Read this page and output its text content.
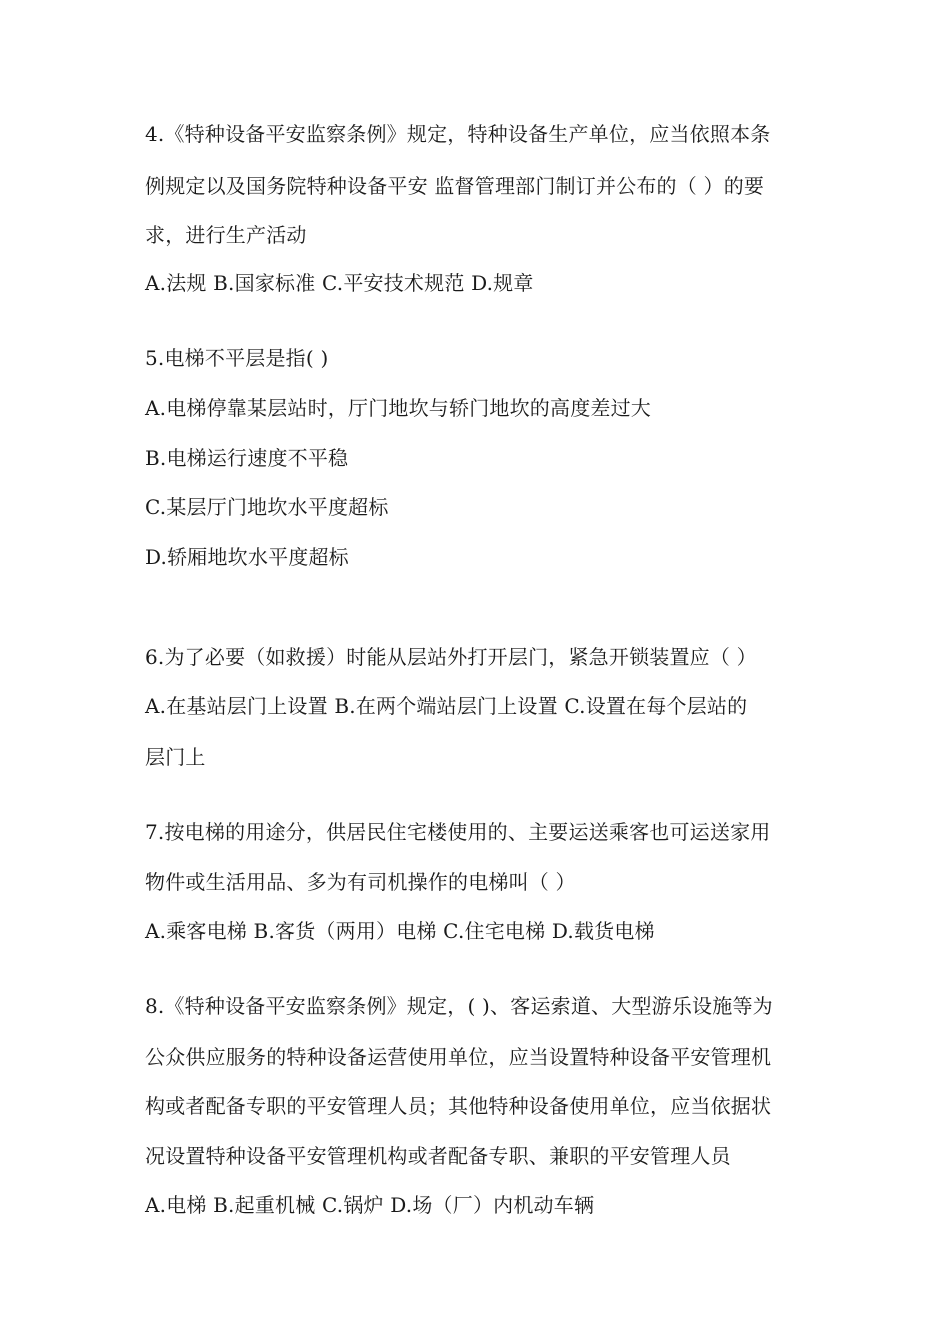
4.《特种设备平安监察条例》规定，特种设备生产单位，应当依照本条
例规定以及国务院特种设备平安 监督管理部门制订并公布的（ ）的要
求，进行生产活动
A.法规 B.国家标准 C.平安技术规范 D.规章
5.电梯不平层是指( )
A.电梯停靠某层站时，厅门地坎与轿门地坎的高度差过大
B.电梯运行速度不平稳
C.某层厅门地坎水平度超标
D.轿厢地坎水平度超标
6.为了必要（如救援）时能从层站外打开层门，紧急开锁装置应（ ）
A.在基站层门上设置 B.在两个端站层门上设置 C.设置在每个层站的
层门上
7.按电梯的用途分，供居民住宅楼使用的、主要运送乘客也可运送家用
物件或生活用品、多为有司机操作的电梯叫（ ）
A.乘客电梯 B.客货（两用）电梯 C.住宅电梯 D.载货电梯
8.《特种设备平安监察条例》规定，( )、客运索道、大型游乐设施等为
公众供应服务的特种设备运营使用单位，应当设置特种设备平安管理机
构或者配备专职的平安管理人员；其他特种设备使用单位，应当依据状
况设置特种设备平安管理机构或者配备专职、兼职的平安管理人员
A.电梯 B.起重机械 C.锅炉 D.场（厂）内机动车辆
